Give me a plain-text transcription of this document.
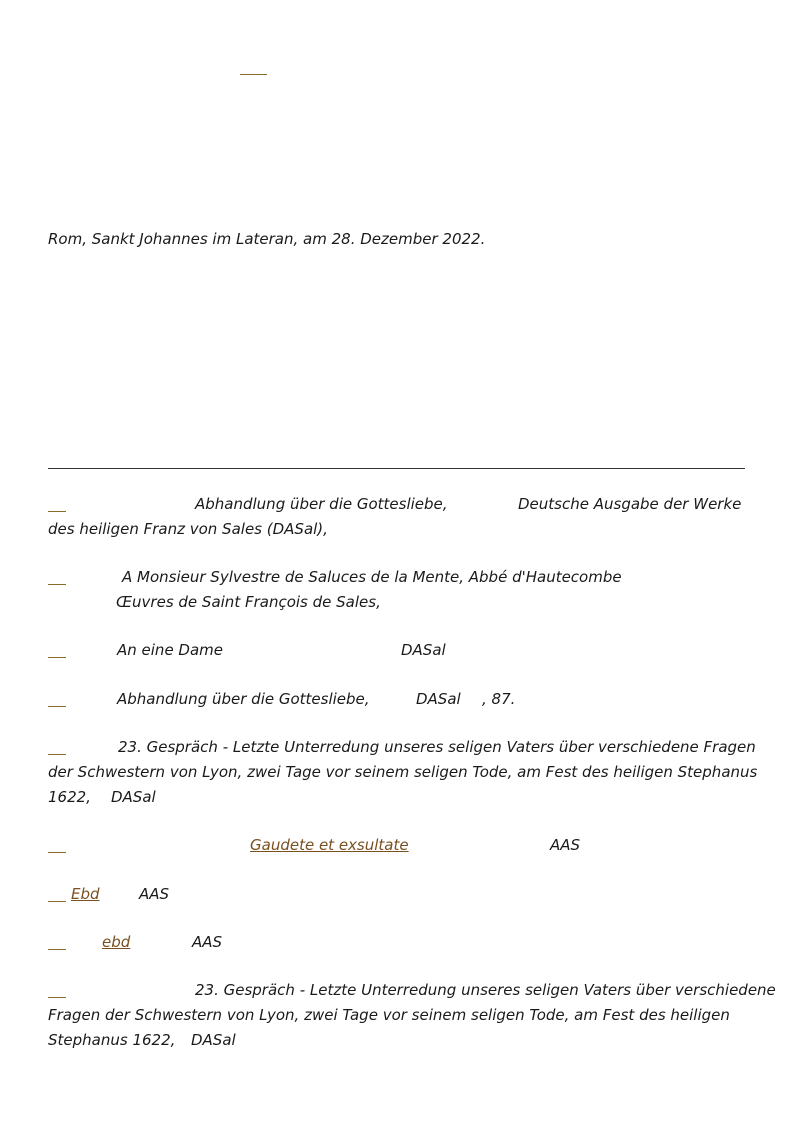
Rom, Sankt Johannes im Lateran, am 28. Dezember 2022.
Abhandlung über die Gottesliebe,	Deutsche Ausgabe der Werke
des heiligen Franz von Sales (DASal),
A Monsieur Sylvestre de Saluces de la Mente, Abbé d'Hautecombe
Œuvres de Saint François de Sales,
An eine Dame	DASal
Abhandlung über die Gottesliebe,	DASal , 87.
23. Gespräch - Letzte Unterredung unseres seligen Vaters über verschiedene Fragen
der Schwestern von Lyon, zwei Tage vor seinem seligen Tode, am Fest des heiligen Stephanus
1622, DASal
Gaudete et exsultate	AAS
Ebd	AAS
ebd	AAS
23. Gespräch - Letzte Unterredung unseres seligen Vaters über verschiedene
Fragen der Schwestern von Lyon, zwei Tage vor seinem seligen Tode, am Fest des heiligen
Stephanus 1622, DASal
